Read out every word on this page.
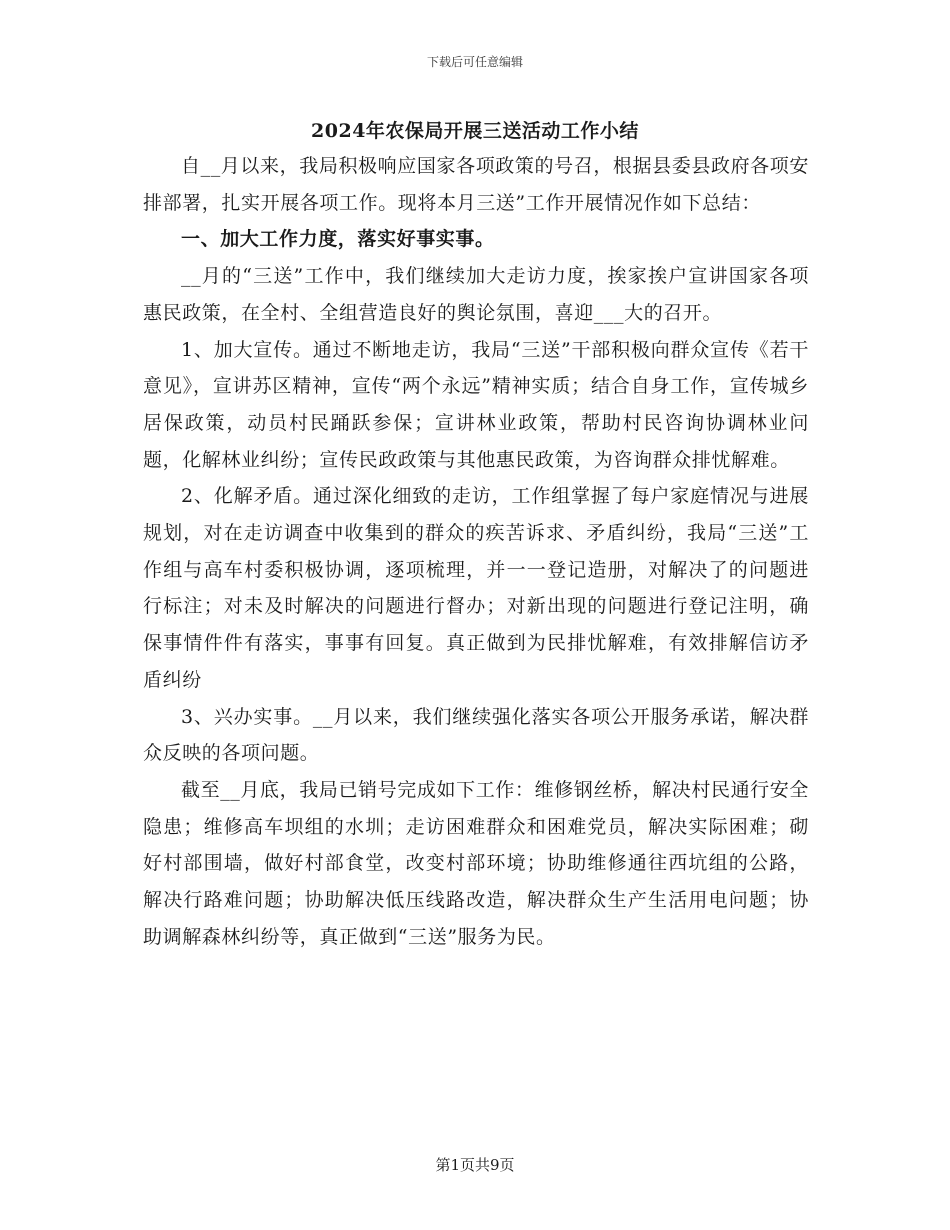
下载后可任意编辑
2024年农保局开展三送活动工作小结

自__月以来，我局积极响应国家各项政策的号召，根据县委县政府各项安排部署，扎实开展各项工作。现将本月三送”工作开展情况作如下总结：

一、加大工作力度，落实好事实事。

__月的“三送”工作中，我们继续加大走访力度，挨家挨户宣讲国家各项惠民政策，在全村、全组营造良好的舆论氛围，喜迎___大的召开。

1、加大宣传。通过不断地走访，我局“三送”干部积极向群众宣传《若干意见》，宣讲苏区精神，宣传“两个永远”精神实质；结合自身工作，宣传城乡居保政策，动员村民踊跃参保；宣讲林业政策，帮助村民咨询协调林业问题，化解林业纠纷；宣传民政政策与其他惠民政策，为咨询群众排忧解难。

2、化解矛盾。通过深化细致的走访，工作组掌握了每户家庭情况与进展规划，对在走访调查中收集到的群众的疾苦诉求、矛盾纠纷，我局“三送”工作组与高车村委积极协调，逐项梳理，并一一登记造册，对解决了的问题进行标注；对未及时解决的问题进行督办；对新出现的问题进行登记注明，确保事情件件有落实，事事有回复。真正做到为民排忧解难，有效排解信访矛盾纠纷

3、兴办实事。__月以来，我们继续强化落实各项公开服务承诺，解决群众反映的各项问题。

截至__月底，我局已销号完成如下工作：维修钢丝桥，解决村民通行安全隐患；维修高车坝组的水圳；走访困难群众和困难党员，解决实际困难；砌好村部围墙，做好村部食堂，改变村部环境；协助维修通往西坑组的公路，解决行路难问题；协助解决低压线路改造，解决群众生产生活用电问题；协助调解森林纠纷等，真正做到“三送”服务为民。

第1页共9页
